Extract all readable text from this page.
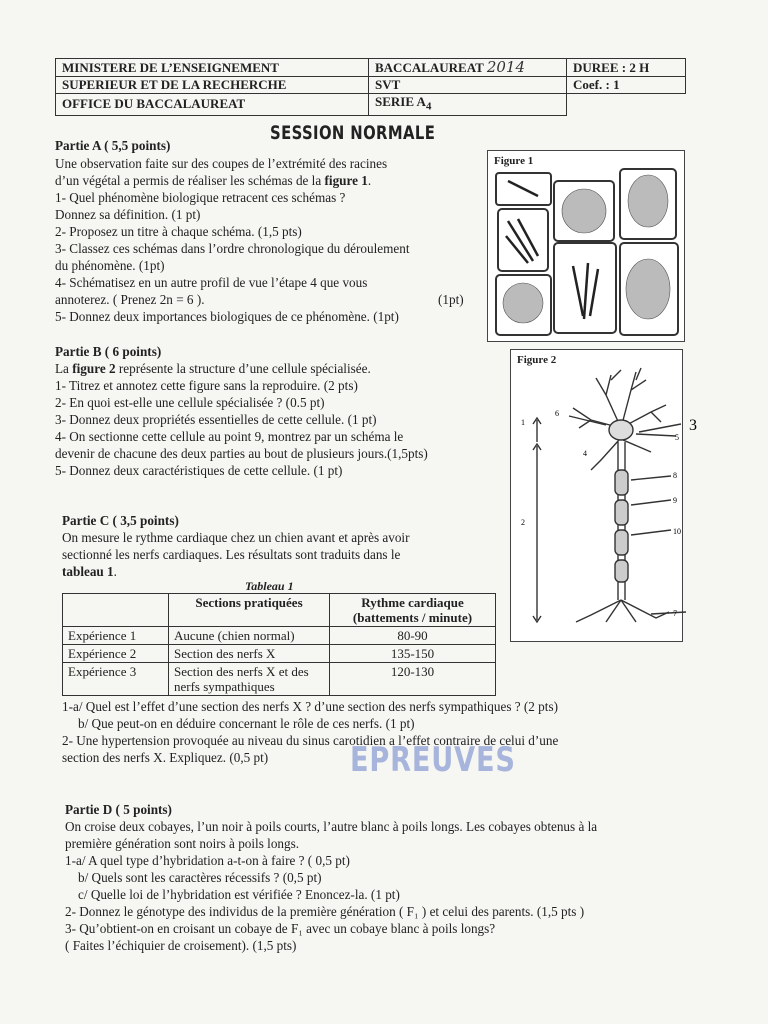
MINISTERE DE L’ENSEIGNEMENT	BACCALAUREAT 2014	DUREE : 2 H
SUPERIEUR ET DE LA RECHERCHE	SVT	Coef. : 1
OFFICE DU BACCALAUREAT	SERIE $A_4$	
SESSION NORMALE
Partie A ( 5,5 points)
Une observation faite sur des coupes de l’extrémité des racines
d’un végétal a permis de réaliser les schémas de la figure 1.
1- Quel phénomène biologique retracent ces schémas ?
Donnez sa définition. (1 pt)
2- Proposez un titre à chaque schéma. (1,5 pts)
3- Classez ces schémas dans l’ordre chronologique du déroulement
du phénomène. (1pt)
4- Schématisez en un autre profil de vue l’étape 4 que vous
annoterez. ( Prenez 2n = 6 ).	(1pt)
5- Donnez deux importances biologiques de ce phénomène. (1pt)
Figure 1
Partie B ( 6 points)
La figure 2 représente la structure d’une cellule spécialisée.
1- Titrez et annotez cette figure sans la reproduire. (2 pts)
2- En quoi est-elle une cellule spécialisée ? (0.5 pt)
3- Donnez deux propriétés essentielles de cette cellule. (1 pt)
4- On sectionne cette cellule au point 9, montrez par un schéma le
devenir de chacune des deux parties au bout de plusieurs jours.(1,5pts)
5- Donnez deux caractéristiques de cette cellule. (1 pt)
Figure 2
1
2
3
4
5
6
7
8
9
10
Partie C ( 3,5 points)
On mesure le rythme cardiaque chez un chien avant et après avoir
sectionné les nerfs cardiaques. Les résultats sont traduits dans le
tableau 1.
Tableau 1
	Sections pratiquées	Rythme cardiaque (battements / minute)
Expérience 1	Aucune (chien normal)	80-90
Expérience 2	Section des nerfs X	135-150
Expérience 3	Section des nerfs X et des nerfs sympathiques	120-130
1-a/ Quel est l’effet d’une section des nerfs X ? d’une section des nerfs sympathiques ? (2 pts)
b/ Que peut-on en déduire concernant le rôle de ces nerfs. (1 pt)
2- Une hypertension provoquée au niveau du sinus carotidien a l’effet contraire de celui d’une
section des nerfs X. Expliquez. (0,5 pt) EPREUVES
Partie D ( 5 points)
On croise deux cobayes, l’un noir à poils courts, l’autre blanc à poils longs. Les cobayes obtenus à la
première génération sont noirs à poils longs.
1-a/ A quel type d’hybridation a-t-on à faire ? ( 0,5 pt)
b/ Quels sont les caractères récessifs ? (0,5 pt)
c/ Quelle loi de l’hybridation est vérifiée ? Enoncez-la. (1 pt)
2- Donnez le génotype des individus de la première génération ( F₁ ) et celui des parents. (1,5 pts )
3- Qu’obtient-on en croisant un cobaye de F₁ avec un cobaye blanc à poils longs?
( Faites l’échiquier de croisement). (1,5 pts)
